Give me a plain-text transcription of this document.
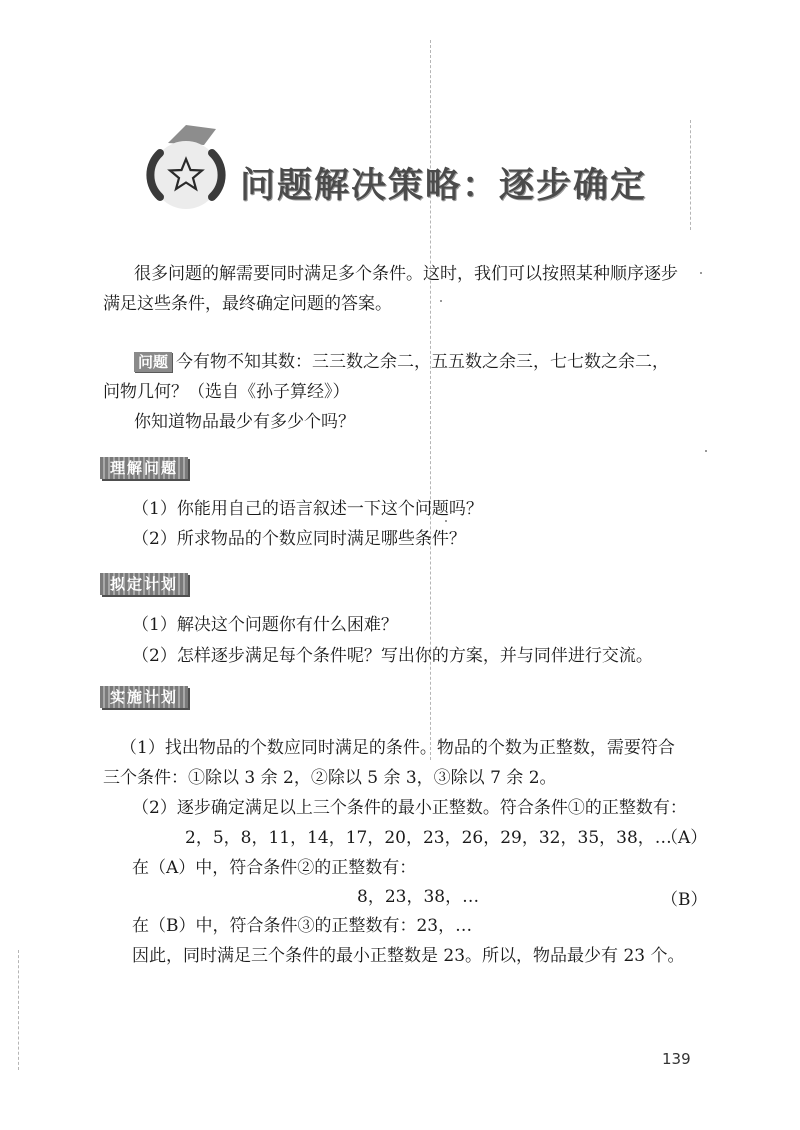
问题解决策略：逐步确定
很多问题的解需要同时满足多个条件。这时，我们可以按照某种顺序逐步
满足这些条件，最终确定问题的答案。
问题 今有物不知其数：三三数之余二，五五数之余三，七七数之余二，
问物几何？（选自《孙子算经》）
你知道物品最少有多少个吗？
理解问题
（1）你能用自己的语言叙述一下这个问题吗？
（2）所求物品的个数应同时满足哪些条件？
拟定计划
（1）解决这个问题你有什么困难？
（2）怎样逐步满足每个条件呢？写出你的方案，并与同伴进行交流。
实施计划
（1）找出物品的个数应同时满足的条件。物品的个数为正整数，需要符合
三个条件：①除以 3 余 2，②除以 5 余 3，③除以 7 余 2。
（2）逐步确定满足以上三个条件的最小正整数。符合条件①的正整数有：
2，5，8，11，14，17，20，23，26，29，32，35，38，…
（A）
在（A）中，符合条件②的正整数有：
8，23，38，…	（B）
在（B）中，符合条件③的正整数有：23，…
因此，同时满足三个条件的最小正整数是 23。所以，物品最少有 23 个。
139
